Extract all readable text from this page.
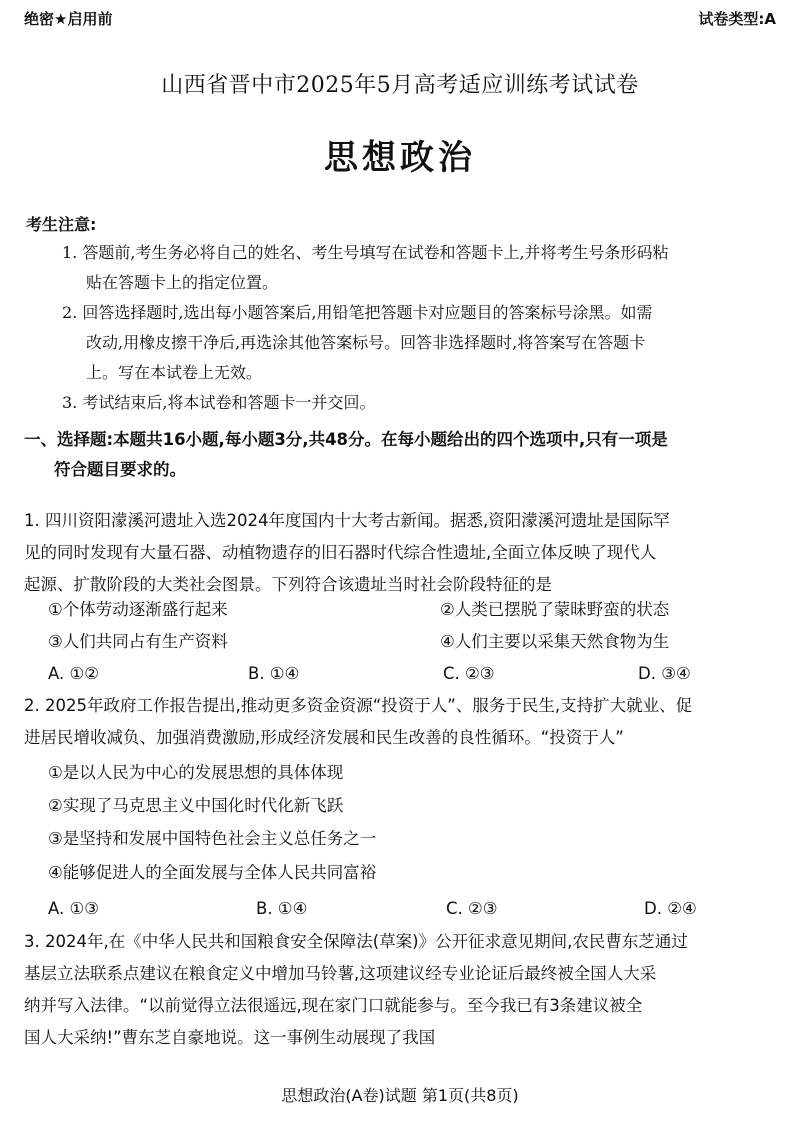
绝密★启用前	试卷类型:A
山西省晋中市2025年5月高考适应训练考试试卷
思想政治
考生注意:
1. 答题前,考生务必将自己的姓名、考生号填写在试卷和答题卡上,并将考生号条形码粘
贴在答题卡上的指定位置。
2. 回答选择题时,选出每小题答案后,用铅笔把答题卡对应题目的答案标号涂黑。如需
改动,用橡皮擦干净后,再选涂其他答案标号。回答非选择题时,将答案写在答题卡
上。写在本试卷上无效。
3. 考试结束后,将本试卷和答题卡一并交回。
一、选择题:本题共16小题,每小题3分,共48分。在每小题给出的四个选项中,只有一项是
符合题目要求的。
1. 四川资阳濛溪河遗址入选2024年度国内十大考古新闻。据悉,资阳濛溪河遗址是国际罕
见的同时发现有大量石器、动植物遗存的旧石器时代综合性遗址,全面立体反映了现代人
起源、扩散阶段的大类社会图景。下列符合该遗址当时社会阶段特征的是
①个体劳动逐渐盛行起来	②人类已摆脱了蒙昧野蛮的状态
③人们共同占有生产资料	④人们主要以采集天然食物为生
A. ①②	B. ①④	C. ②③	D. ③④
2. 2025年政府工作报告提出,推动更多资金资源“投资于人”、服务于民生,支持扩大就业、促
进居民增收减负、加强消费激励,形成经济发展和民生改善的良性循环。“投资于人”
①是以人民为中心的发展思想的具体体现
②实现了马克思主义中国化时代化新飞跃
③是坚持和发展中国特色社会主义总任务之一
④能够促进人的全面发展与全体人民共同富裕
A. ①③	B. ①④	C. ②③	D. ②④
3. 2024年,在《中华人民共和国粮食安全保障法(草案)》公开征求意见期间,农民曹东芝通过
基层立法联系点建议在粮食定义中增加马铃薯,这项建议经专业论证后最终被全国人大采
纳并写入法律。“以前觉得立法很遥远,现在家门口就能参与。至今我已有3条建议被全
国人大采纳!”曹东芝自豪地说。这一事例生动展现了我国
思想政治(A卷)试题 第1页(共8页)
